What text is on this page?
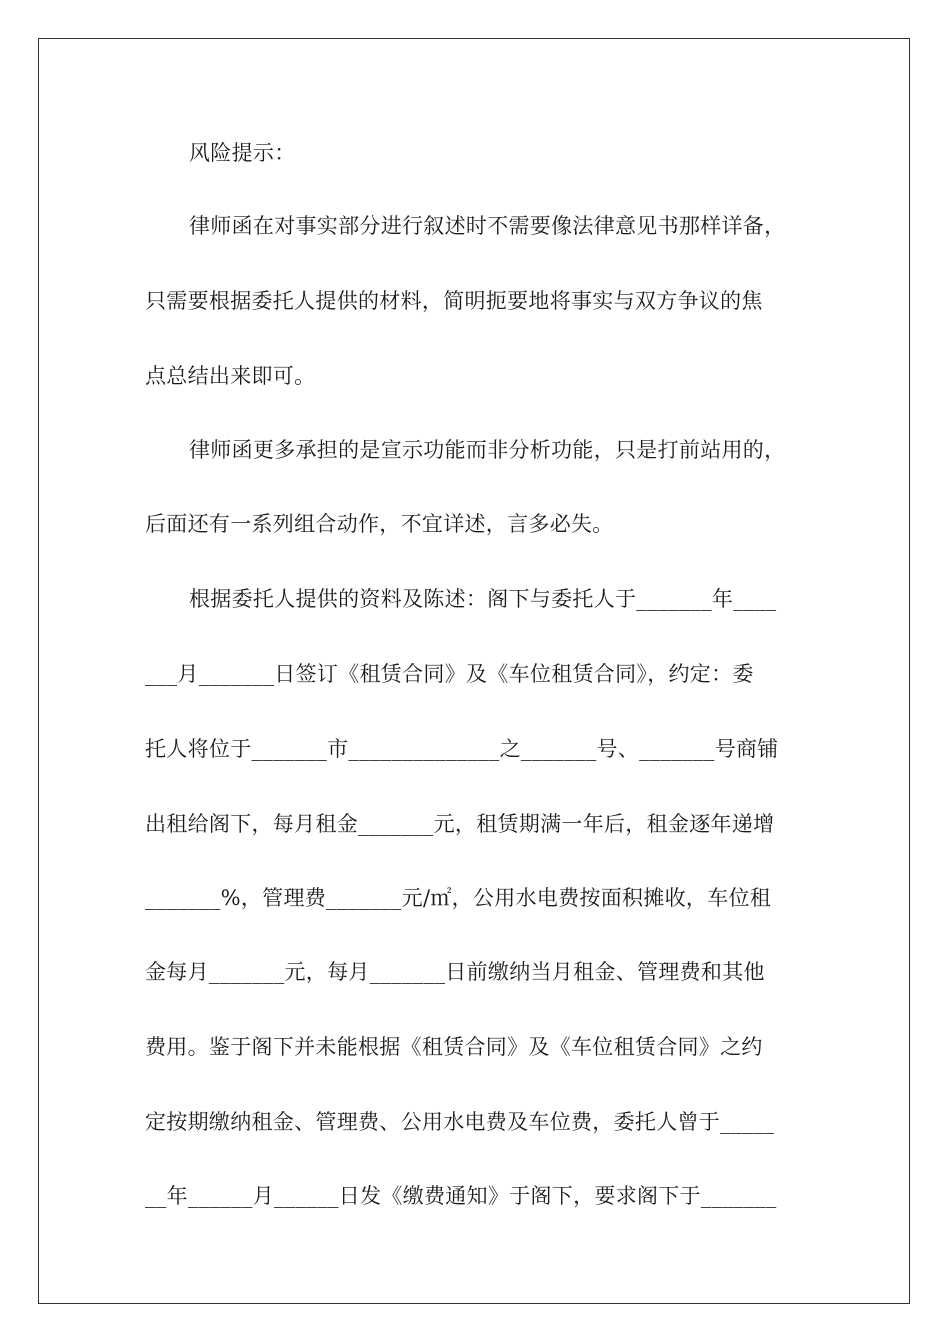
风险提示：
律师函在对事实部分进行叙述时不需要像法律意见书那样详备，
只需要根据委托人提供的材料，简明扼要地将事实与双方争议的焦
点总结出来即可。
律师函更多承担的是宣示功能而非分析功能，只是打前站用的，
后面还有一系列组合动作，不宜详述，言多必失。
根据委托人提供的资料及陈述：阁下与委托人于_______年____
___月_______日签订《租赁合同》及《车位租赁合同》，约定：委
托人将位于_______市______________之_______号、_______号商铺
出租给阁下，每月租金_______元，租赁期满一年后，租金逐年递增
_______%，管理费_______元/㎡，公用水电费按面积摊收，车位租
金每月_______元，每月_______日前缴纳当月租金、管理费和其他
费用。鉴于阁下并未能根据《租赁合同》及《车位租赁合同》之约
定按期缴纳租金、管理费、公用水电费及车位费，委托人曾于_____
__年______月______日发《缴费通知》于阁下，要求阁下于_______
